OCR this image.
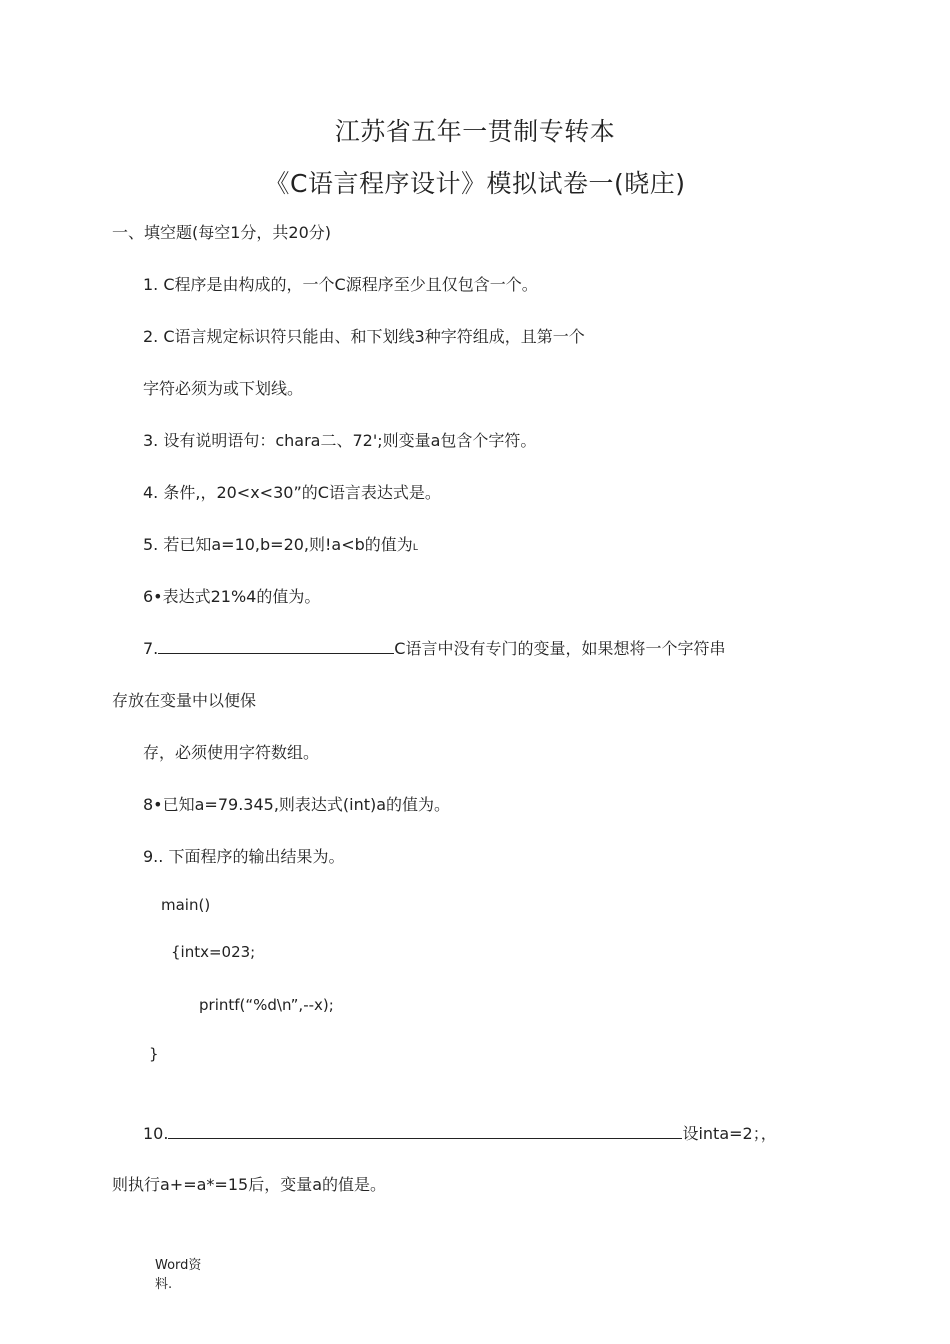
江苏省五年一贯制专转本
《C语言程序设计》模拟试卷一(晓庄)
一、填空题(每空1分，共20分)
1. C程序是由构成的，一个C源程序至少且仅包含一个。
2. C语言规定标识符只能由、和下划线3种字符组成，且第一个
字符必须为或下划线。
3. 设有说明语句：chara二、72';则变量a包含个字符。
4. 条件,，20<x<30”的C语言表达式是。
5. 若已知a=10,b=20,则!a<b的值为L
6•表达式21%4的值为。
7.	C语言中没有专门的变量，如果想将一个字符串
存放在变量中以便保
存，必须使用字符数组。
8•已知a=79.345,则表达式(int)a的值为。
9.. 下面程序的输出结果为。
main()
{intx=023;
printf(“%d\n”,--x);
}
10.	设inta=2；，
则执行a+=a*=15后，变量a的值是。
Word资
料.
